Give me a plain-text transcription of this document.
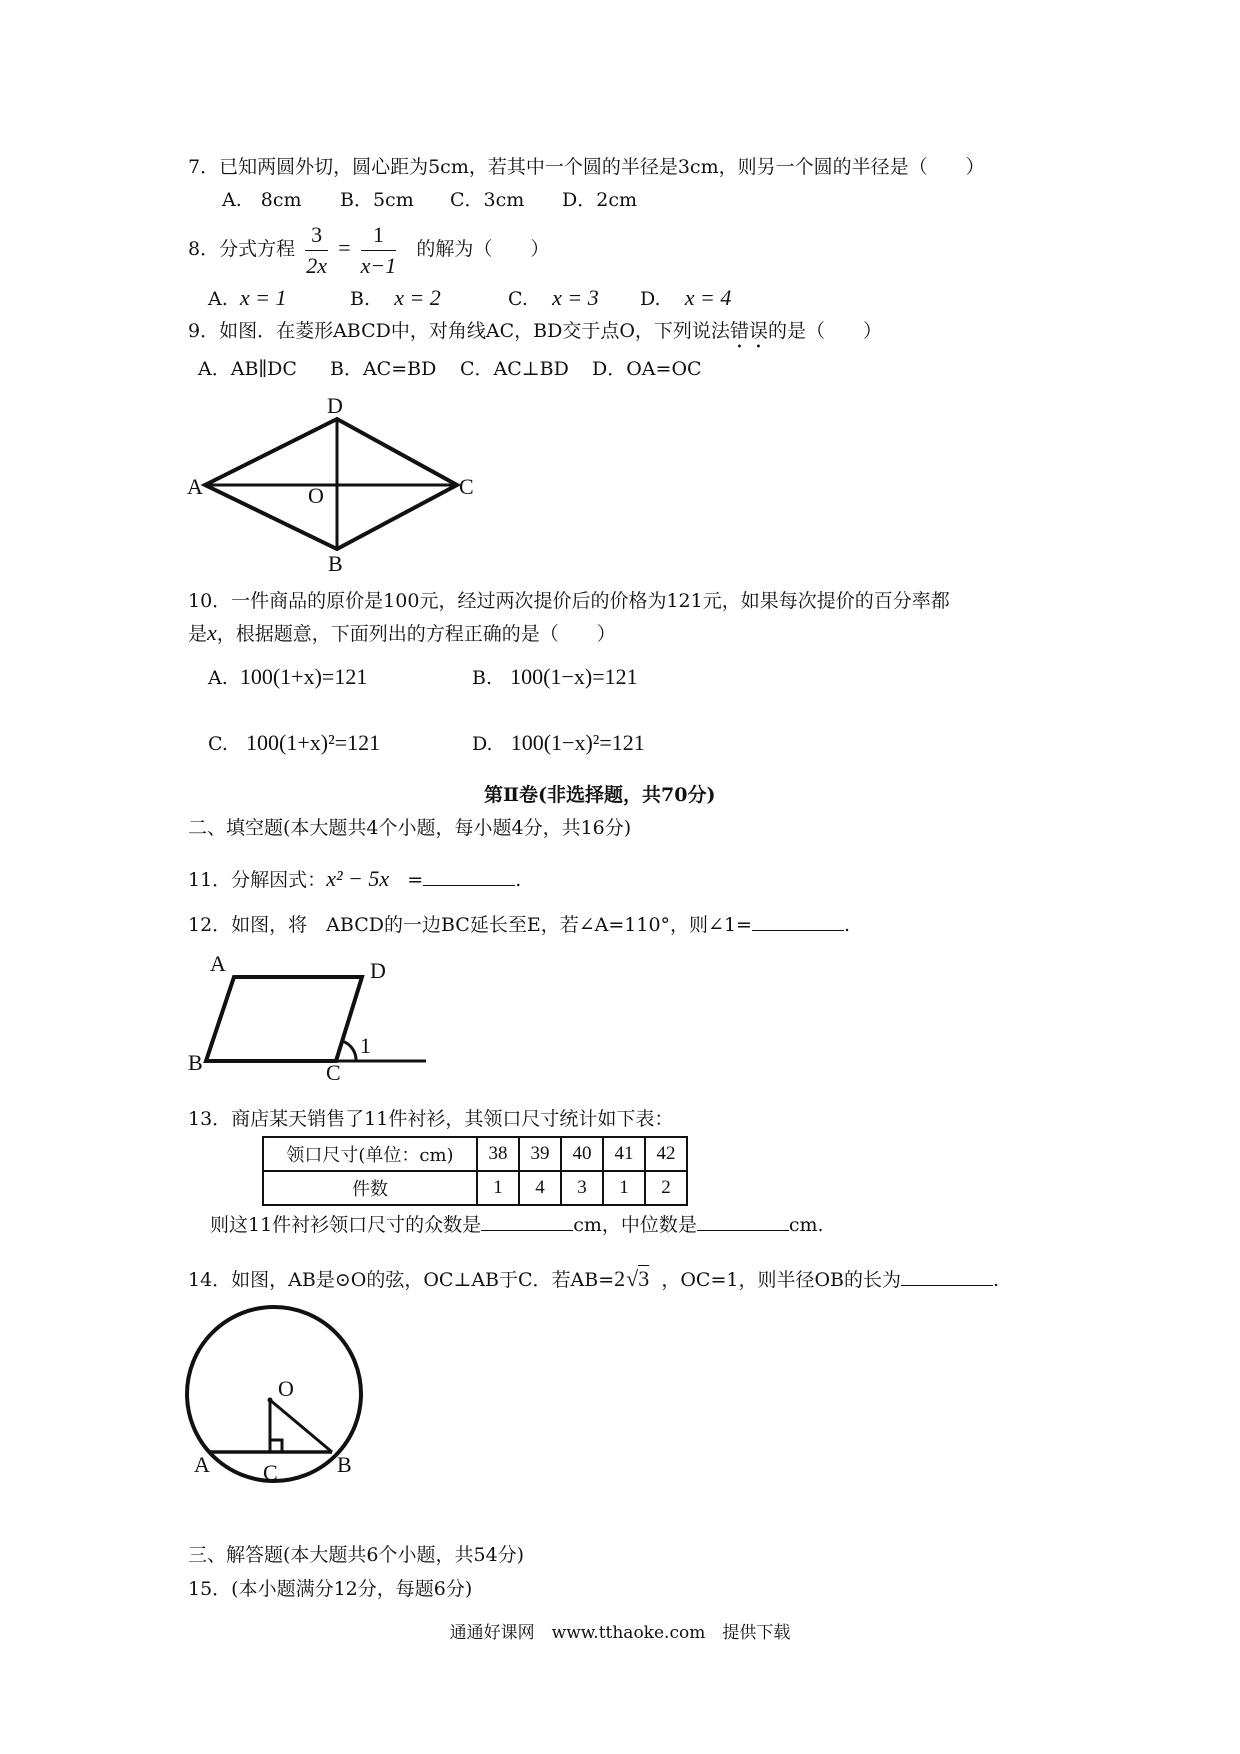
7．已知两圆外切，圆心距为5cm，若其中一个圆的半径是3cm，则另一个圆的半径是（　　）
A.　8cm B．5cm C．3cm D．2cm
8．分式方程 $\frac{3}{2x} = \frac{1}{x-1}$ 的解为（　　）
A. x = 1	B. x = 2	C. x = 3 D. x = 4
9．如图．在菱形ABCD中，对角线AC，BD交于点O，下列说法错误的是（　　）
A．AB∥DC B．AC=BD C．AC⊥BD D．OA=OC
A
D
C
B
O
10．一件商品的原价是100元，经过两次提价后的价格为121元，如果每次提价的百分率都
是x，根据题意，下面列出的方程正确的是（　　）
A. 100(1+x)=121	B. 100(1−x)=121
C. 100(1+x)²=121	D. 100(1−x)²=121
第Ⅱ卷(非选择题，共70分)
二、填空题(本大题共4个小题，每小题4分，共16分)
11．分解因式：x² − 5x =	.
12．如图，将　ABCD的一边BC延长至E，若∠A=110°，则∠1=	.
A	D
B	C
1
13．商店某天销售了11件衬衫，其领口尺寸统计如下表：
领口尺寸(单位：cm)	38	39	40	41	42
件数	1	4	3	1	2
则这11件衬衫领口尺寸的众数是	cm，中位数是	cm.
14．如图，AB是⊙O的弦，OC⊥AB于C．若AB=2√3 ，OC=1，则半径OB的长为	.
O
A	B
C
三、解答题(本大题共6个小题，共54分)
15．(本小题满分12分，每题6分)
通通好课网　www.tthaoke.com　提供下载
